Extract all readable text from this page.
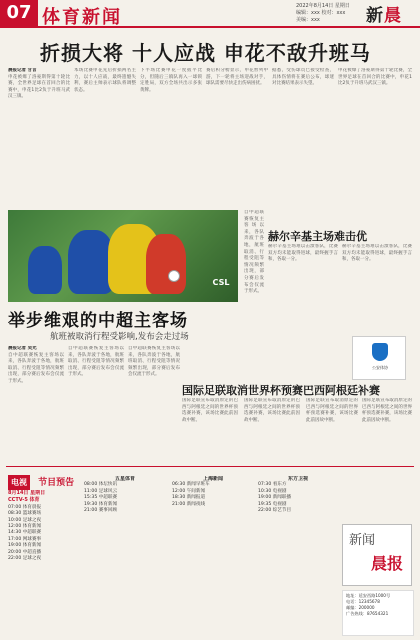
07 体育新闻
2022年8月14日 星期日
编辑：xxx 校对：xxx
美编：xxx	新晨
折损大将 十人应战 申花不敌升班马
晨报记者 甘言
申花被爆了洛豪斯得第十轮比赛，全世界足球在首回合的比赛中，申花1比2负于升班马武汉三镇。
本场比赛申花先后折损两名主力，以十人应战，最终遗憾失利，赛后主帅表示球队将调整状态。
下半场比赛申花一度扳平比分，但随后三镇队再入一球锁定胜局，双方全场共出示多张黄牌。
赛后积分榜显示，申花暂列中游，下一轮将主场迎战对手，球队需要尽快走出伤病困扰。
据悉，受伤球员已接受检查，具体伤情将在赛后公布，球迷对比赛结果表示失望。
申花被爆了洛豪斯得第十轮比赛，全世界足球在首回合的比赛中，申花1比2负于升班马武汉三镇。
CSL
自中超联赛恢复主客场以来，各队奔波于各地，航班取消、行程受阻等情况频繁出现，部分赛后发布会仅流于形式。
赫尔辛基主场难击优
赫尔辛基主场难以击溃客队，比赛双方均未能取得进球，最终握手言和，各取一分。
赫尔辛基主场难以击溃客队，比赛双方均未能取得进球，最终握手言和，各取一分。
公安体协
举步维艰的中超主客场
航班被取消行程受影响,发布会走过场
晨报记者 吴光
自中超联赛恢复主客场以来，各队奔波于各地，航班取消、行程受阻等情况频繁出现，部分赛后发布会仅流于形式。
自中超联赛恢复主客场以来，各队奔波于各地，航班取消、行程受阻等情况频繁出现，部分赛后发布会仅流于形式。
自中超联赛恢复主客场以来，各队奔波于各地，航班取消、行程受阻等情况频繁出现，部分赛后发布会仅流于形式。
国际足联取消世界杯预赛巴西阿根廷补赛
国际足联宣布取消原定的巴西与阿根廷之间的世界杯预选赛补赛，该场比赛此前因故中断。
国际足联宣布取消原定的巴西与阿根廷之间的世界杯预选赛补赛，该场比赛此前因故中断。
国际足联宣布取消原定的巴西与阿根廷之间的世界杯预选赛补赛，该场比赛此前因故中断。
国际足联宣布取消原定的巴西与阿根廷之间的世界杯预选赛补赛，该场比赛此前因故中断。
电视 节目预告
8月14日 星期日
CCTV-5 体育
07:00 体育晨报
08:30 篮球赛场
10:00 足球之夜
12:00 体育新闻
14:30 中超联赛
17:00 网球赛事
19:00 体育新闻
20:00 中超直播
22:00 足球之夜
五星体育
08:00 体坛快讯
11:00 足球风云
15:35 中超联赛
19:30 体育新闻
21:00 赛事回顾
上海新闻
06:30 新闻早班车
12:00 午间新闻
18:30 新闻报道
21:00 新闻夜线
东方卫视
07:30 看东方
10:30 电视剧
19:00 新闻联播
19:35 电视剧
22:00 综艺节目
新闻
晨报
地址：延安西路1000号
电话：12345678
邮编：200000
广告热线：87654321
